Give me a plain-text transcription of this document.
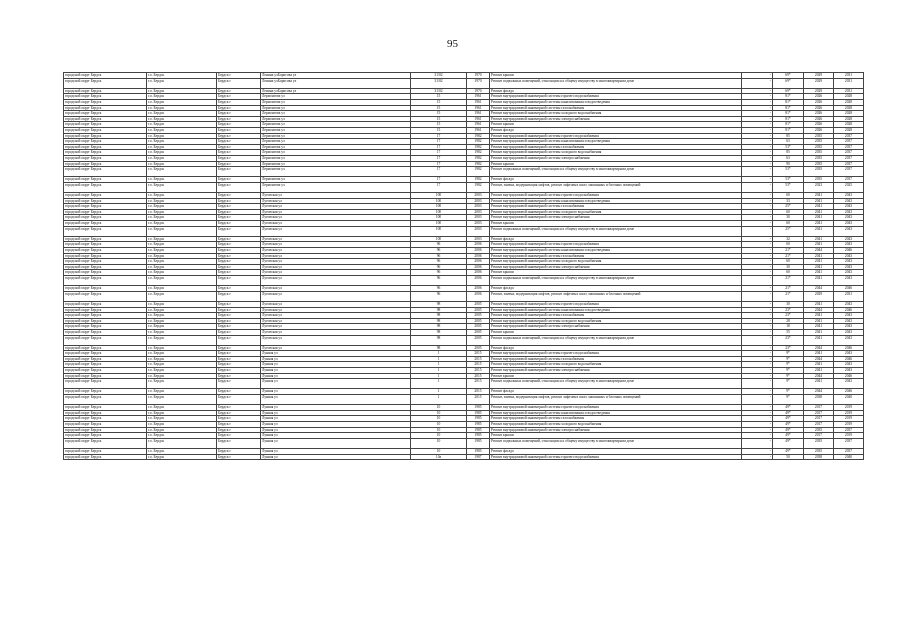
95
городской округ Бердск	г.о. Бердск	Бердск г	Ленина улБорисова ул	31/02	1970	Ремонт крыши	-	69*	2029	2031
городской округ Бердск	г.о. Бердск	Бердск г	Ленина улБорисова ул	31/02	1970	Ремонт подвальных помещений, относящихся к общему имуществу в многоквартирном доме	-	69*	2029	2031
городской округ Бердск	г.о. Бердск	Бердск г	Ленина улБорисова ул	31/02	1970	Ремонт фасада	-	69*	2029	2031
городской округ Бердск	г.о. Бердск	Бердск г	Лермонтова ул	15	1961	Ремонт внутридомовой инженерной системы горячего водоснабжения	-	81*	2026	2028
городской округ Бердск	г.о. Бердск	Бердск г	Лермонтова ул	15	1961	Ремонт внутридомовой инженерной системы канализования и водоотведения	-	81*	2026	2028
городской округ Бердск	г.о. Бердск	Бердск г	Лермонтова ул	15	1961	Ремонт внутридомовой инженерной системы газоснабжения	-	81*	2026	2028
городской округ Бердск	г.о. Бердск	Бердск г	Лермонтова ул	15	1961	Ремонт внутридомовой инженерной системы холодного водоснабжения	-	81*	2026	2028
городской округ Бердск	г.о. Бердск	Бердск г	Лермонтова ул	15	1961	Ремонт внутридомовой инженерной системы электроснабжения	-	81*	2026	2028
городской округ Бердск	г.о. Бердск	Бердск г	Лермонтова ул	15	1961	Ремонт крыши	-	81*	2026	2028
городской округ Бердск	г.о. Бердск	Бердск г	Лермонтова ул	15	1961	Ремонт фасада	-	81*	2026	2028
городской округ Бердск	г.о. Бердск	Бердск г	Лермонтова ул	17	1982	Ремонт внутридомовой инженерной системы горячего водоснабжения	-	85	2035	2037
городской округ Бердск	г.о. Бердск	Бердск г	Лермонтова ул	17	1982	Ремонт внутридомовой инженерной системы канализования и водоотведения	-	63	2035	2037
городской округ Бердск	г.о. Бердск	Бердск г	Лермонтова ул	17	1982	Ремонт внутридомовой инженерной системы газоснабжения	-	53*	2035	2037
городской округ Бердск	г.о. Бердск	Бердск г	Лермонтова ул	17	1982	Ремонт внутридомовой инженерной системы холодного водоснабжения	-	85	2035	2037
городской округ Бердск	г.о. Бердск	Бердск г	Лермонтова ул	17	1982	Ремонт внутридомовой инженерной системы электроснабжения	-	63	2035	2037
городской округ Бердск	г.о. Бердск	Бердск г	Лермонтова ул	17	1982	Ремонт крыши	-	90	2035	2037
городской округ Бердск	г.о. Бердск	Бердск г	Лермонтова ул	17	1982	Ремонт подвальных помещений, относящихся к общему имуществу в многоквартирном доме	-	53*	2035	2037
городской округ Бердск	г.о. Бердск	Бердск г	Лермонтова ул	17	1982	Ремонт фасада	-	53*	2035	2037
городской округ Бердск	г.о. Бердск	Бердск г	Лермонтова ул	17	1982	Ремонт, замена, модернизация лифтов, ремонт лифтовых шахт, машинных и блочных помещений	-	53*	2023	2025
городской округ Бердск	г.о. Бердск	Бердск г	Луговская ул	100	2003	Ремонт внутридомовой инженерной системы горячего водоснабжения	-	60	2041	2043
городской округ Бердск	г.о. Бердск	Бердск г	Луговская ул	100	2003	Ремонт внутридомовой инженерной системы канализования и водоотведения	-	33	2041	2043
городской округ Бердск	г.о. Бердск	Бердск г	Луговская ул	100	2003	Ремонт внутридомовой инженерной системы газоснабжения	-	25*	2041	2043
городской округ Бердск	г.о. Бердск	Бердск г	Луговская ул	100	2003	Ремонт внутридомовой инженерной системы холодного водоснабжения	-	60	2041	2043
городской округ Бердск	г.о. Бердск	Бердск г	Луговская ул	100	2003	Ремонт внутридомовой инженерной системы электроснабжения	-	30	2041	2043
городской округ Бердск	г.о. Бердск	Бердск г	Луговская ул	100	2003	Ремонт крыши	-	60	2041	2043
городской округ Бердск	г.о. Бердск	Бердск г	Луговская ул	100	2003	Ремонт подвальных помещений, относящихся к общему имуществу в многоквартирном доме	-	25*	2041	2043
городской округ Бердск	г.о. Бердск	Бердск г	Луговская ул	100	2003	Ремонт фасада	-	32	2041	2043
городской округ Бердск	г.о. Бердск	Бердск г	Луговская ул	96	2006	Ремонт внутридомовой инженерной системы горячего водоснабжения	-	60	2041	2043
городской округ Бердск	г.о. Бердск	Бердск г	Луговская ул	96	2006	Ремонт внутридомовой инженерной системы канализования и водоотведения	-	21*	2044	2046
городской округ Бердск	г.о. Бердск	Бердск г	Луговская ул	96	2006	Ремонт внутридомовой инженерной системы газоснабжения	-	21*	2041	2043
городской округ Бердск	г.о. Бердск	Бердск г	Луговская ул	96	2006	Ремонт внутридомовой инженерной системы холодного водоснабжения	-	60	2041	2043
городской округ Бердск	г.о. Бердск	Бердск г	Луговская ул	96	2006	Ремонт внутридомовой инженерной системы электроснабжения	-	30	2041	2043
городской округ Бердск	г.о. Бердск	Бердск г	Луговская ул	96	2006	Ремонт крыши	-	60	2041	2043
городской округ Бердск	г.о. Бердск	Бердск г	Луговская ул	96	2006	Ремонт подвальных помещений, относящихся к общему имуществу в многоквартирном доме	-	21*	2041	2043
городской округ Бердск	г.о. Бердск	Бердск г	Луговская ул	96	2006	Ремонт фасада	-	21*	2044	2046
городской округ Бердск	г.о. Бердск	Бердск г	Луговская ул	96	2006	Ремонт, замена, модернизация лифтов, ремонт лифтовых шахт, машинных и блочных помещений	-	21*	2029	2031
городской округ Бердск	г.о. Бердск	Бердск г	Луговская ул	98	2005	Ремонт внутридомовой инженерной системы горячего водоснабжения	-	30	2041	2043
городской округ Бердск	г.о. Бердск	Бердск г	Луговская ул	98	2005	Ремонт внутридомовой инженерной системы канализования и водоотведения	-	23*	2044	2046
городской округ Бердск	г.о. Бердск	Бердск г	Луговская ул	98	2005	Ремонт внутридомовой инженерной системы газоснабжения	-	23*	2041	2043
городской округ Бердск	г.о. Бердск	Бердск г	Луговская ул	98	2005	Ремонт внутридомовой инженерной системы холодного водоснабжения	-	28	2041	2043
городской округ Бердск	г.о. Бердск	Бердск г	Луговская ул	98	2005	Ремонт внутридомовой инженерной системы электроснабжения	-	18	2041	2043
городской округ Бердск	г.о. Бердск	Бердск г	Луговская ул	98	2005	Ремонт крыши	-	55	2041	2043
городской округ Бердск	г.о. Бердск	Бердск г	Луговская ул	98	2005	Ремонт подвальных помещений, относящихся к общему имуществу в многоквартирном доме	-	23*	2041	2043
городской округ Бердск	г.о. Бердск	Бердск г	Луговская ул	98	2005	Ремонт фасада	-	23*	2044	2046
городской округ Бердск	г.о. Бердск	Бердск г	Лунная ул	1	2015	Ремонт внутридомовой инженерной системы горячего водоснабжения	-	9*	2041	2043
городской округ Бердск	г.о. Бердск	Бердск г	Лунная ул	1	2015	Ремонт внутридомовой инженерной системы газоснабжения	-	9*	2044	2046
городской округ Бердск	г.о. Бердск	Бердск г	Лунная ул	1	2015	Ремонт внутридомовой инженерной системы холодного водоснабжения	-	9*	2041	2043
городской округ Бердск	г.о. Бердск	Бердск г	Лунная ул	1	2015	Ремонт внутридомовой инженерной системы электроснабжения	-	9*	2041	2043
городской округ Бердск	г.о. Бердск	Бердск г	Лунная ул	1	2015	Ремонт крыши	-	9*	2044	2046
городской округ Бердск	г.о. Бердск	Бердск г	Лунная ул	1	2015	Ремонт подвальных помещений, относящихся к общему имуществу в многоквартирном доме	-	9*	2041	2043
городской округ Бердск	г.о. Бердск	Бердск г	Лунная ул	1	2015	Ремонт фасада	-	9*	2044	2046
городской округ Бердск	г.о. Бердск	Бердск г	Лунная ул	1	2015	Ремонт, замена, модернизация лифтов, ремонт лифтовых шахт, машинных и блочных помещений	-	9*	2038	2040
городской округ Бердск	г.о. Бердск	Бердск г	Лунная ул	10	1985	Ремонт внутридомовой инженерной системы горячего водоснабжения	-	49*	2017	2019
городской округ Бердск	г.о. Бердск	Бердск г	Лунная ул	10	1985	Ремонт внутридомовой инженерной системы канализования и водоотведения	-	49*	2017	2019
городской округ Бердск	г.о. Бердск	Бердск г	Лунная ул	10	1985	Ремонт внутридомовой инженерной системы газоснабжения	-	49*	2017	2019
городской округ Бердск	г.о. Бердск	Бердск г	Лунная ул	10	1985	Ремонт внутридомовой инженерной системы холодного водоснабжения	-	49*	2017	2019
городской округ Бердск	г.о. Бердск	Бердск г	Лунная ул	10	1985	Ремонт внутридомовой инженерной системы электроснабжения	-	49*	2035	2037
городской округ Бердск	г.о. Бердск	Бердск г	Лунная ул	10	1985	Ремонт крыши	-	49*	2017	2019
городской округ Бердск	г.о. Бердск	Бердск г	Лунная ул	10	1985	Ремонт подвальных помещений, относящихся к общему имуществу в многоквартирном доме	-	49*	2035	2037
городской округ Бердск	г.о. Бердск	Бердск г	Лунная ул	10	1985	Ремонт фасада	-	49*	2035	2037
городской округ Бердск	г.о. Бердск	Бердск г	Лунная ул	10а	1987	Ремонт внутридомовой инженерной системы горячего водоснабжения	-	50	2038	2040
